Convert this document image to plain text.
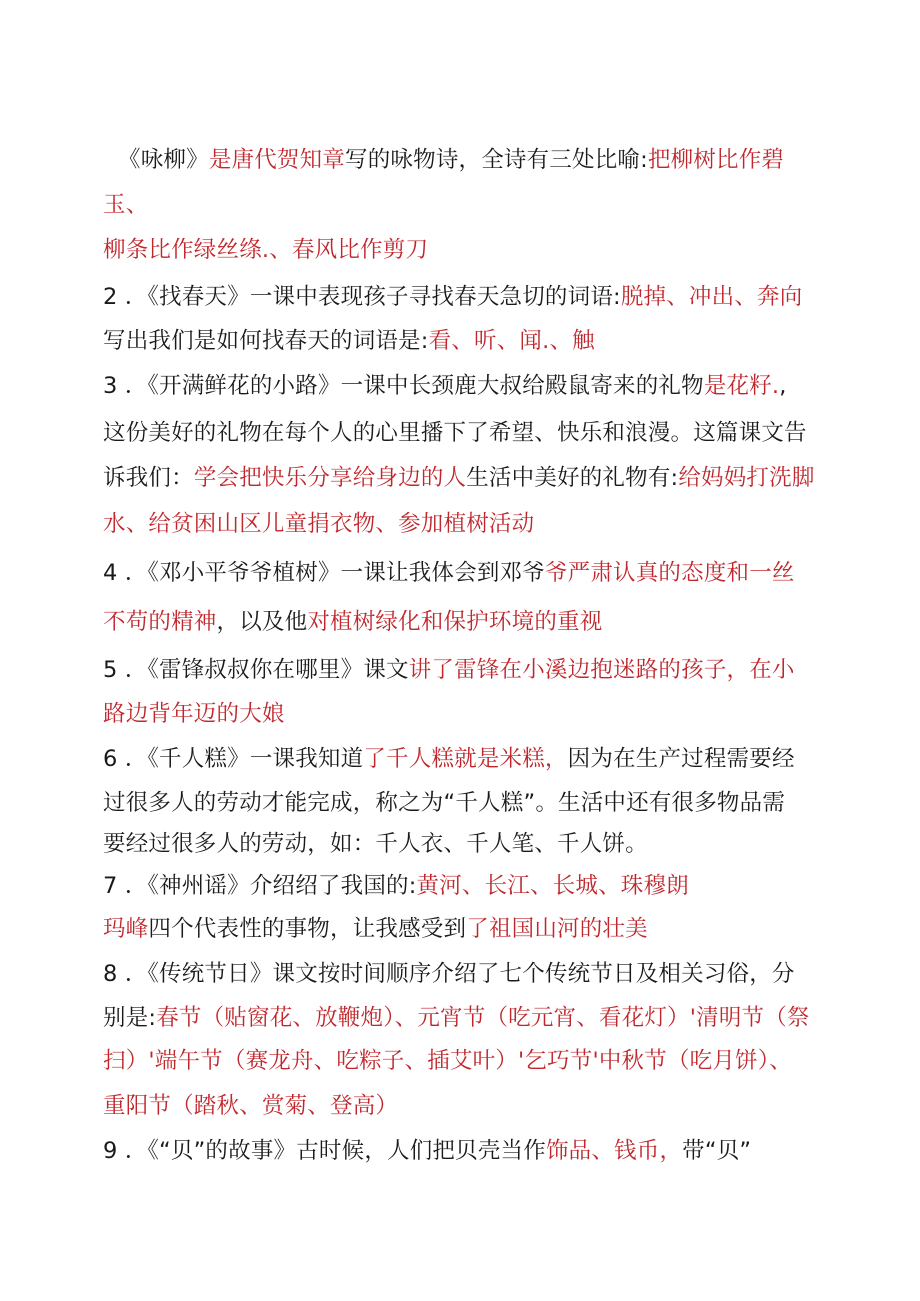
《咏柳》是唐代贺知章写的咏物诗，全诗有三处比喻:把柳树比作碧
玉、
柳条比作绿丝绦.、春风比作剪刀
2 ．《找春天》一课中表现孩子寻找春天急切的词语:脱掉、冲出、奔向
写出我们是如何找春天的词语是:看、听、闻.、触
3 ．《开满鲜花的小路》一课中长颈鹿大叔给殿鼠寄来的礼物是花籽.,
这份美好的礼物在每个人的心里播下了希望、快乐和浪漫。这篇课文告
诉我们：学会把快乐分享给身边的人生活中美好的礼物有:给妈妈打洗脚
水、给贫困山区儿童捐衣物、参加植树活动
4 ．《邓小平爷爷植树》一课让我体会到邓爷爷严肃认真的态度和一丝
不苟的精神，以及他对植树绿化和保护环境的重视
5 ．《雷锋叔叔你在哪里》课文讲了雷锋在小溪边抱迷路的孩子，在小
路边背年迈的大娘
6 ．《千人糕》一课我知道了千人糕就是米糕，因为在生产过程需要经
过很多人的劳动才能完成，称之为“千人糕”。生活中还有很多物品需
要经过很多人的劳动，如：千人衣、千人笔、千人饼。
7 ．《神州谣》介绍绍了我国的:黄河、长江、长城、珠穆朗
玛峰四个代表性的事物，让我感受到了祖国山河的壮美
8 ．《传统节日》课文按时间顺序介绍了七个传统节日及相关习俗，分
别是:春节（贴窗花、放鞭炮）、元宵节（吃元宵、看花灯）'清明节（祭
扫）'端午节（赛龙舟、吃粽子、插艾叶）'乞巧节'中秋节（吃月饼）、
重阳节（踏秋、赏菊、登高）
9 ．《“贝”的故事》古时候，人们把贝壳当作饰品、钱币，带“贝”
